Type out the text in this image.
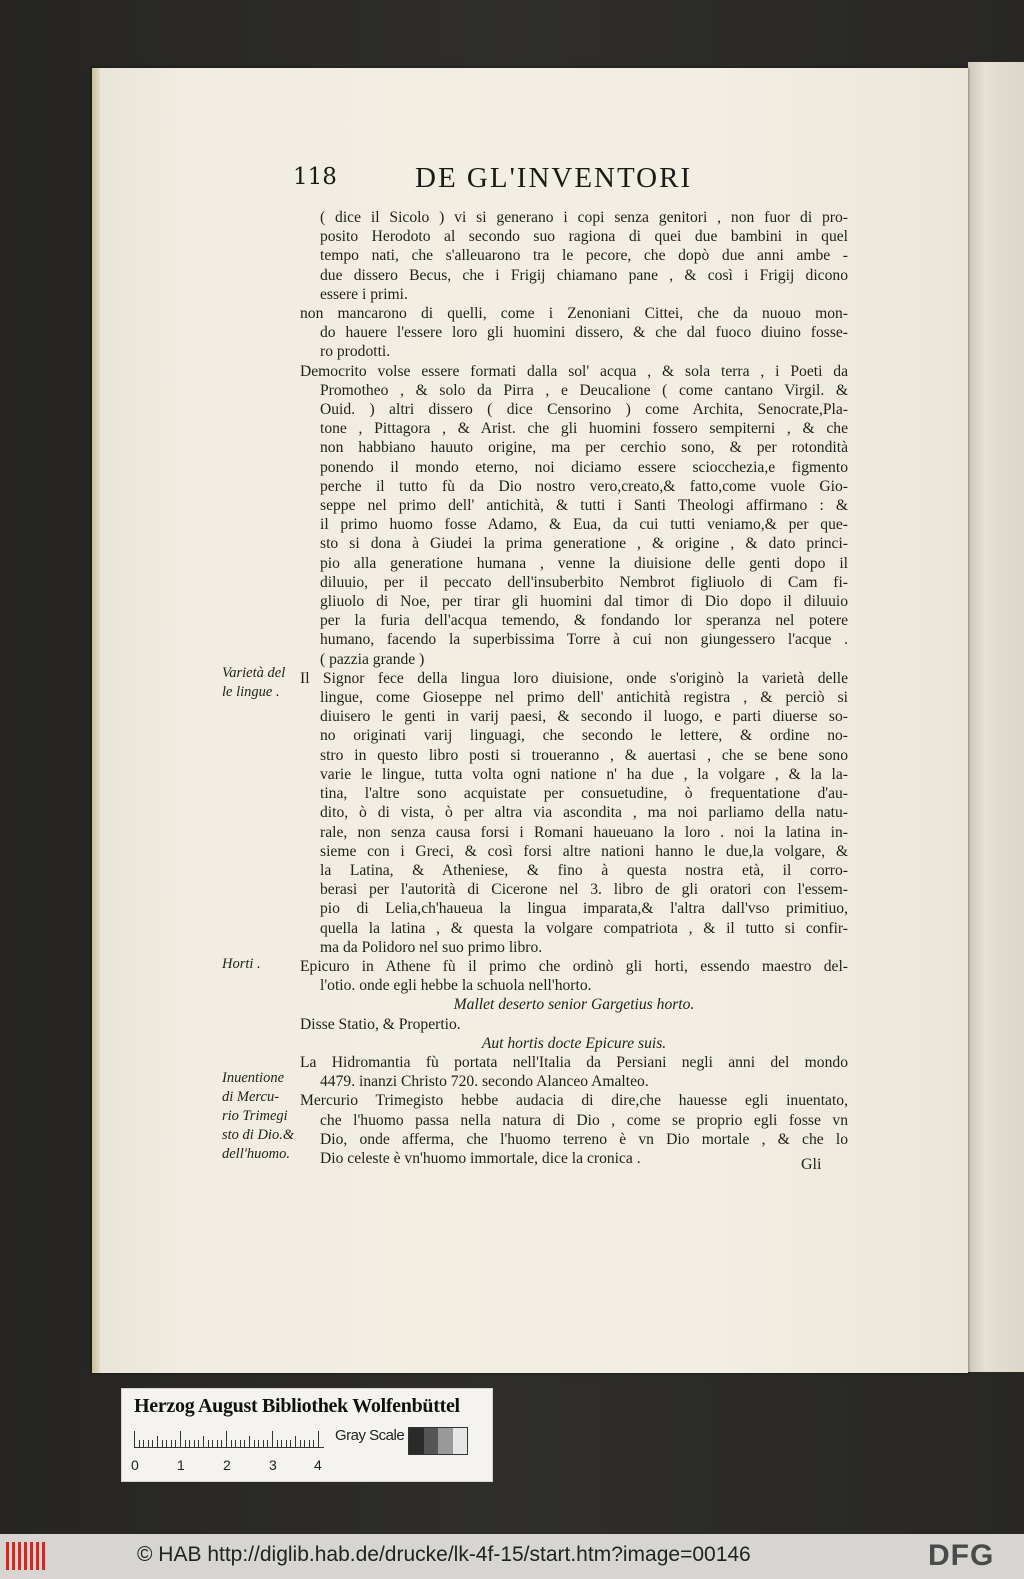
118	DE GL'INVENTORI
( dice il Sicolo ) vi si generano i copi senza genitori , non fuor di pro-
posito Herodoto al secondo suo ragiona di quei due bambini in quel
tempo nati, che s'alleuarono tra le pecore, che dopò due anni ambe -
due dissero Becus, che i Frigij chiamano pane , & così i Frigij dicono
essere i primi.
non mancarono di quelli, come i Zenoniani Cittei, che da nuouo mon-
do hauere l'essere loro gli huomini dissero, & che dal fuoco diuino fosse-
ro prodotti.
Democrito volse essere formati dalla sol' acqua , & sola terra , i Poeti da
Promotheo , & solo da Pirra , e Deucalione ( come cantano Virgil. &
Ouid. ) altri dissero ( dice Censorino ) come Archita, Senocrate,Pla-
tone , Pittagora , & Arist. che gli huomini fossero sempiterni , & che
non habbiano hauuto origine, ma per cerchio sono, & per rotondità
ponendo il mondo eterno, noi diciamo essere sciocchezia,e figmento
perche il tutto fù da Dio nostro vero,creato,& fatto,come vuole Gio-
seppe nel primo dell' antichità, & tutti i Santi Theologi affirmano : &
il primo huomo fosse Adamo, & Eua, da cui tutti veniamo,& per que-
sto si dona à Giudei la prima generatione , & origine , & dato princi-
pio alla generatione humana , venne la diuisione delle genti dopo il
diluuio, per il peccato dell'insuberbito Nembrot figliuolo di Cam fi-
gliuolo di Noe, per tirar gli huomini dal timor di Dio dopo il diluuio
per la furia dell'acqua temendo, & fondando lor speranza nel potere
humano, facendo la superbissima Torre à cui non giungessero l'acque .
( pazzia grande )
Il Signor fece della lingua loro diuisione, onde s'originò la varietà delle
lingue, come Giosеppe nel primo dell' antichità registra , & perciò si
diuisero le genti in varij paesi, & secondo il luogo, e parti diuerse so-
no originati varij linguagi, che secondo le lettere, & ordine no-
stro in questo libro posti si troueranno , & auertasi , che se bene sono
varie le lingue, tutta volta ogni natione n' ha due , la volgare , & la la-
tina, l'altre sono acquistate per consuetudine, ò frequentatione d'au-
dito, ò di vista, ò per altra via ascondita , ma noi parliamo della natu-
rale, non senza causa forsi i Romani haueuano la loro . noi la latina in-
sieme con i Greci, & così forsi altre nationi hanno le due,la volgare, &
la Latina, & Atheniese, & fino à questa nostra età, il corro-
berasi per l'autorità di Cicerone nel 3. libro de gli oratori con l'essem-
pio di Lelia,ch'haueua la lingua imparata,& l'altra dall'vso primitiuo,
quella la latina , & questa la volgare compatriota , & il tutto si confir-
ma da Polidoro nel suo primo libro.
Epicuro in Athene fù il primo che ordinò gli horti, essendo maestro del-
l'otio. onde egli hebbe la schuola nell'horto.
Mallet deserto senior Gargetius horto.
Disse Statio, & Propertio.
Aut hortis docte Epicure suis.
La Hidromantia fù portata nell'Italia da Persiani negli anni del mondo
4479. inanzi Christo 720. secondo Alanceo Amalteo.
Mercurio Trimegisto hebbe audacia di dire,che hauesse egli inuentato,
che l'huomo passa nella natura di Dio , come se proprio egli fosse vn
Dio, onde afferma, che l'huomo terreno è vn Dio mortale , & che lo
Dio celeste è vn'huomo immortale, dice la cronica .
Varietà del
le lingue .
Horti .
Inuentione
di Mercu-
rio Trimegi
sto di Dio.&
dell'huomo.
Gli
Herzog August Bibliothek Wolfenbüttel
0	1	2	3	4
Gray Scale
© HAB http://diglib.hab.de/drucke/lk-4f-15/start.htm?image=00146	DFG
